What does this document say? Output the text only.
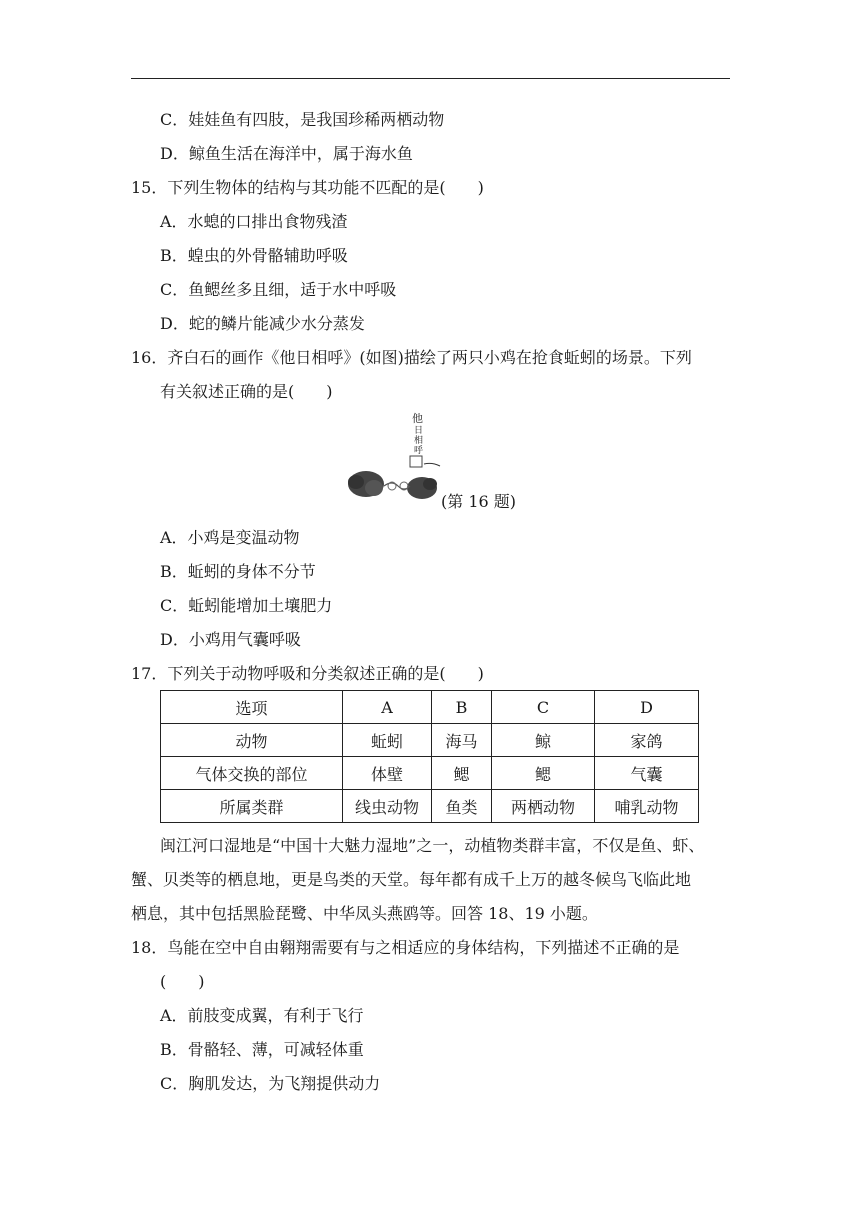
C．娃娃鱼有四肢，是我国珍稀两栖动物
D．鲸鱼生活在海洋中，属于海水鱼
15．下列生物体的结构与其功能不匹配的是(　　)
A．水螅的口排出食物残渣
B．蝗虫的外骨骼辅助呼吸
C．鱼鳃丝多且细，适于水中呼吸
D．蛇的鳞片能减少水分蒸发
16．齐白石的画作《他日相呼》(如图)描绘了两只小鸡在抢食蚯蚓的场景。下列
有关叙述正确的是(　　)
他
日
相
呼
(第 16 题)
A．小鸡是变温动物
B．蚯蚓的身体不分节
C．蚯蚓能增加土壤肥力
D．小鸡用气囊呼吸
17．下列关于动物呼吸和分类叙述正确的是(　　)
选项	A	B	C	D
动物	蚯蚓	海马	鲸	家鸽
气体交换的部位	体壁	鳃	鳃	气囊
所属类群	线虫动物	鱼类	两栖动物	哺乳动物
闽江河口湿地是“中国十大魅力湿地”之一，动植物类群丰富，不仅是鱼、虾、
蟹、贝类等的栖息地，更是鸟类的天堂。每年都有成千上万的越冬候鸟飞临此地
栖息，其中包括黑脸琵鹭、中华凤头燕鸥等。回答 18、19 小题。
18．鸟能在空中自由翱翔需要有与之相适应的身体结构，下列描述不正确的是
(　　)
A．前肢变成翼，有利于飞行
B．骨骼轻、薄，可减轻体重
C．胸肌发达，为飞翔提供动力
